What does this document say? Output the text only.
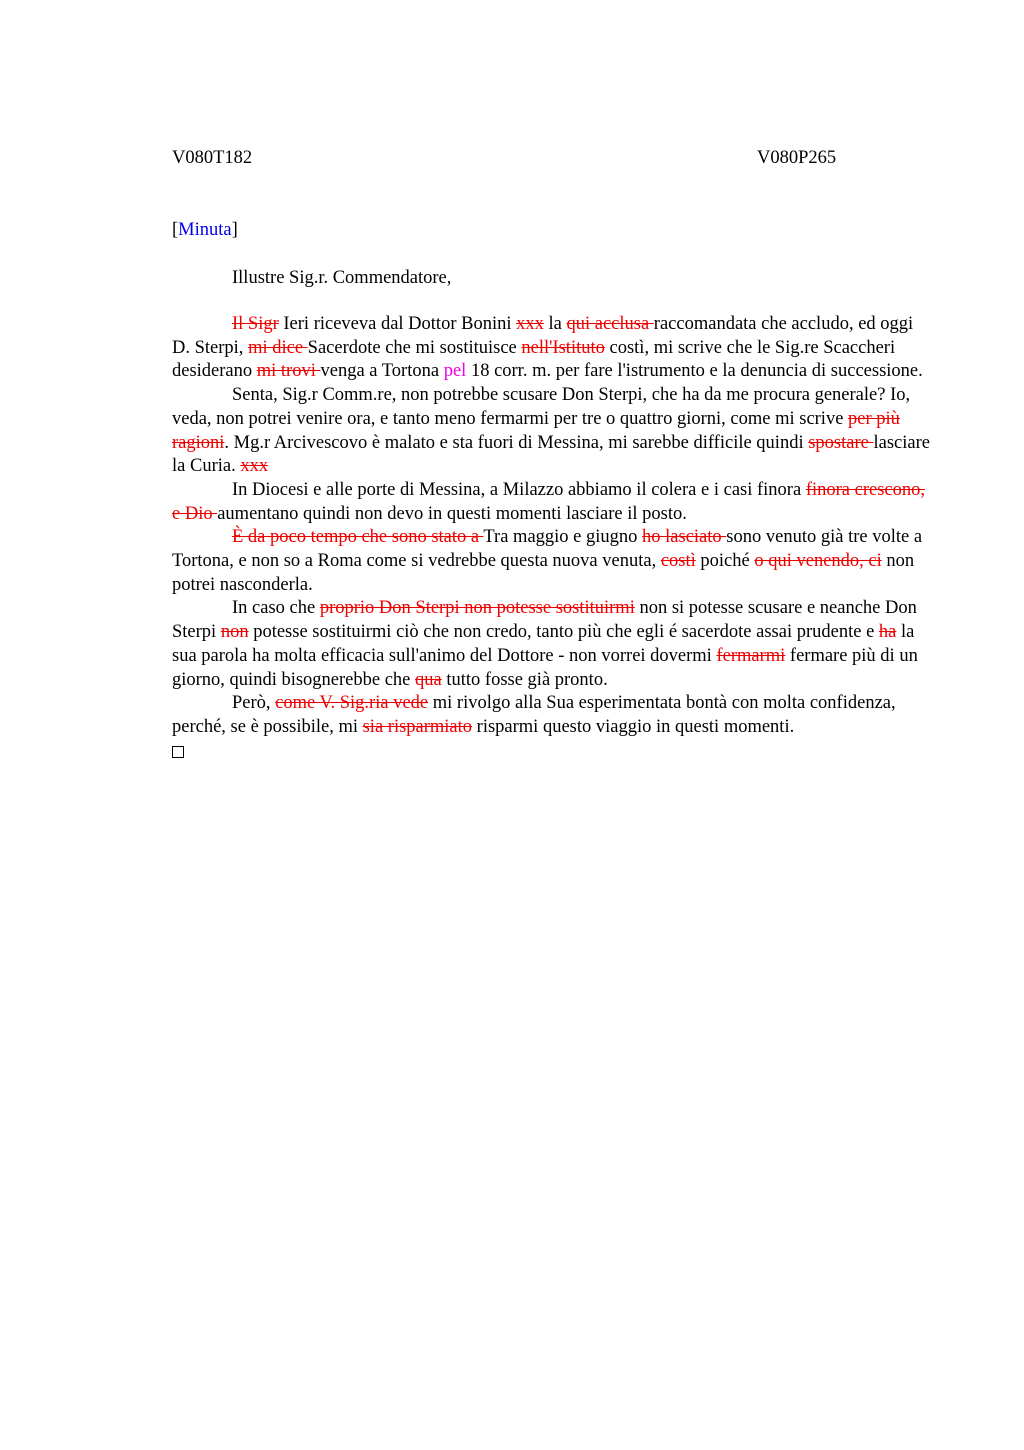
V080T182	V080P265
[Minuta]
Illustre Sig.r. Commendatore,

Il Sigr Ieri riceveva dal Dottor Bonini xxx la qui acclusa raccomandata che accludo, ed oggi D. Sterpi, mi dice Sacerdote che mi sostituisce nell'Istituto costì, mi scrive che le Sig.re Scaccheri desiderano mi trovi venga a Tortona pel 18 corr. m. per fare l'istrumento e la denuncia di successione.

Senta, Sig.r Comm.re, non potrebbe scusare Don Sterpi, che ha da me procura generale? Io, veda, non potrei venire ora, e tanto meno fermarmi per tre o quattro giorni, come mi scrive per più ragioni. Mg.r Arcivescovo è malato e sta fuori di Messina, mi sarebbe difficile quindi spostare lasciare la Curia. xxx

In Diocesi e alle porte di Messina, a Milazzo abbiamo il colera e i casi finora finora crescono, e Dio aumentano quindi non devo in questi momenti lasciare il posto.

È da poco tempo che sono stato a Tra maggio e giugno ho lasciato sono venuto già tre volte a Tortona, e non so a Roma come si vedrebbe questa nuova venuta, costì poiché o qui venendo, ci non potrei nasconderla.

In caso che proprio Don Sterpi non potesse sostituirmi non si potesse scusare e neanche Don Sterpi non potesse sostituirmi ciò che non credo, tanto più che egli é sacerdote assai prudente e ha la sua parola ha molta efficacia sull'animo del Dottore - non vorrei dovermi fermarmi fermare più di un giorno, quindi bisognerebbe che qua tutto fosse già pronto.

Però, come V. Sig.ria vede mi rivolgo alla Sua esperimentata bontà con molta confidenza, perché, se è possibile, mi sia risparmiato risparmi questo viaggio in questi momenti.
